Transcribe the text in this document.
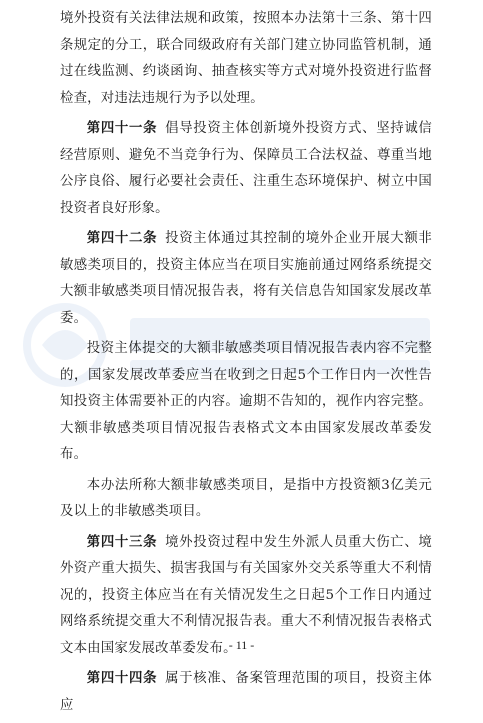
境外投资有关法律法规和政策，按照本办法第十三条、第十四条规定的分工，联合同级政府有关部门建立协同监管机制，通过在线监测、约谈函询、抽查核实等方式对境外投资进行监督检查，对违法违规行为予以处理。

第四十一条 倡导投资主体创新境外投资方式、坚持诚信经营原则、避免不当竞争行为、保障员工合法权益、尊重当地公序良俗、履行必要社会责任、注重生态环境保护、树立中国投资者良好形象。

第四十二条 投资主体通过其控制的境外企业开展大额非敏感类项目的，投资主体应当在项目实施前通过网络系统提交大额非敏感类项目情况报告表，将有关信息告知国家发展改革委。

投资主体提交的大额非敏感类项目情况报告表内容不完整的，国家发展改革委应当在收到之日起5个工作日内一次性告知投资主体需要补正的内容。逾期不告知的，视作内容完整。大额非敏感类项目情况报告表格式文本由国家发展改革委发布。

本办法所称大额非敏感类项目，是指中方投资额3亿美元及以上的非敏感类项目。

第四十三条 境外投资过程中发生外派人员重大伤亡、境外资产重大损失、损害我国与有关国家外交关系等重大不利情况的，投资主体应当在有关情况发生之日起5个工作日内通过网络系统提交重大不利情况报告表。重大不利情况报告表格式文本由国家发展改革委发布。

第四十四条 属于核准、备案管理范围的项目，投资主体应

- 11 -
